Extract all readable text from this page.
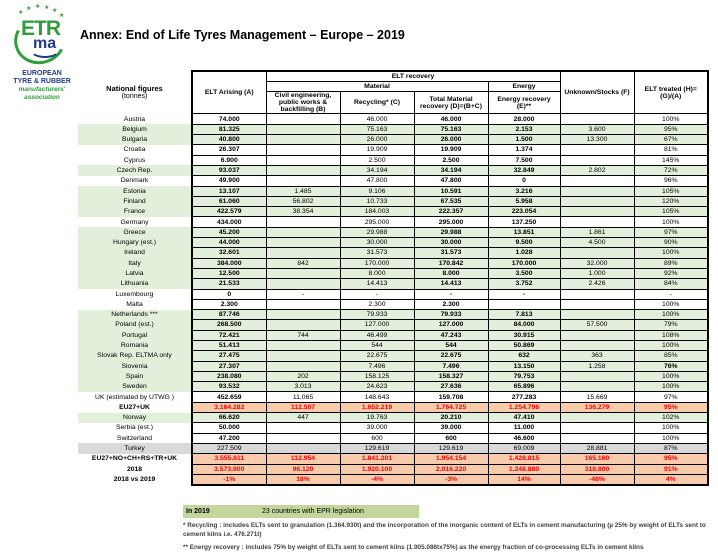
★
★ ★ ★ ★
★
ETR
ma
EUROPEAN
TYRE & RUBBER
manufacturers'
association
Annex: End of Life Tyres Management – Europe – 2019
National figures
(tonnes)	ELT Arising (A)	ELT recovery				Unknown/Stocks (F)	ELT treated (H)=(G)/(A)
		Material			Energy		
		Civil engineering, public works & backfilling (B)	Recycling* (C)	Total Material recovery (D)=(B+C)	Energy recovery (E)**		
Austria	74.000		46.000	46.000	28.000		100%
Belgium	81.325		75.163	75.163	2.153	3.600	95%
Bulgaria	40.800		26.000	26.000	1.500	13.300	67%
Croatia	26.307		19.909	19.909	1.374		81%
Cyprus	6.900		2.500	2.500	7.500		145%
Czech Rep.	93.037		34.194	34.194	32.849	2.802	72%
Denmark	49.900		47.800	47.800	0		96%
Estonia	13.107	1.485	9.106	10.591	3.216		105%
Finland	61.060	56.802	10.733	67.535	5.958		120%
France	422.579	38.354	184.003	222.357	223.054		105%
Germany	434.000		295.000	295.000	137.250		100%
Greece	45.200		29.988	29.988	13.851	1.861	97%
Hungary (est.)	44.000		30.000	30.000	9.500	4.500	90%
Ireland	32.601		31.573	31.573	1.028		100%
Italy	384.000	842	170.000	170.842	170.000	32.000	89%
Latvia	12.500		8.000	8.000	3.500	1.000	92%
Lithuania	21.533		14.413	14.413	3.752	2.426	84%
Luxembourg	0	-	-	-	-		-
Malta	2.300		2.300	2.300			100%
Netherlands ***	87.746		79.933	79.933	7.813		100%
Poland (est.)	268.500		127.000	127.000	84.000	57.500	79%
Portugal	72.421	744	46.499	47.243	30.915		108%
Romania	51.413		544	544	50.869		100%
Slovak Rep. ELTMA only	27.475		22.675	22.675	632	363	85%
Slovenia	27.307		7.496	7.496	13.150	1.258	76%
Spain	238.080	202	158.125	158.327	79.753		100%
Sweden	93.532	3.013	24.623	27.636	65.896		100%
UK (estimated by UTWG )	452.659	11.065	148.643	159.708	277.283	15.669	97%
EU27+UK	3.164.282	112.507	1.652.219	1.764.725	1.254.796	136.279	95%
Norway	66.620	447	19.763	20.210	47.410		102%
Serbia (est.)	50.000		39.000	39.000	11.000		100%
Switzerland	47.200		600	600	46.600		100%
Turkey	227.509		129.619	129.619	69.009	28.881	87%
EU27+NO+CH+RS+TR+UK	3.555.611	112.954	1.841.201	1.954.154	1.428.815	165.160	95%
2018	3.573.900	96.120	1.920.100	2.016.220	1.248.880	318.800	91%
2018 vs 2019	-1%	18%	-4%	-3%	14%	-48%	4%
In 2019	23 countries with EPR legislation
* Recycling : includes ELTs sent to granulation (1.364.930t) and the incorporation of the inorganic content of ELTs in cement manufacturing (µ 25% by weight of ELTs sent to cement kilns i.e. 476.271t)
** Energy recovery : includes 75% by weight of ELTs sent to cement kilns (1.905.086tx75%) as the energy fraction of co-processing ELTs in cement kilns
